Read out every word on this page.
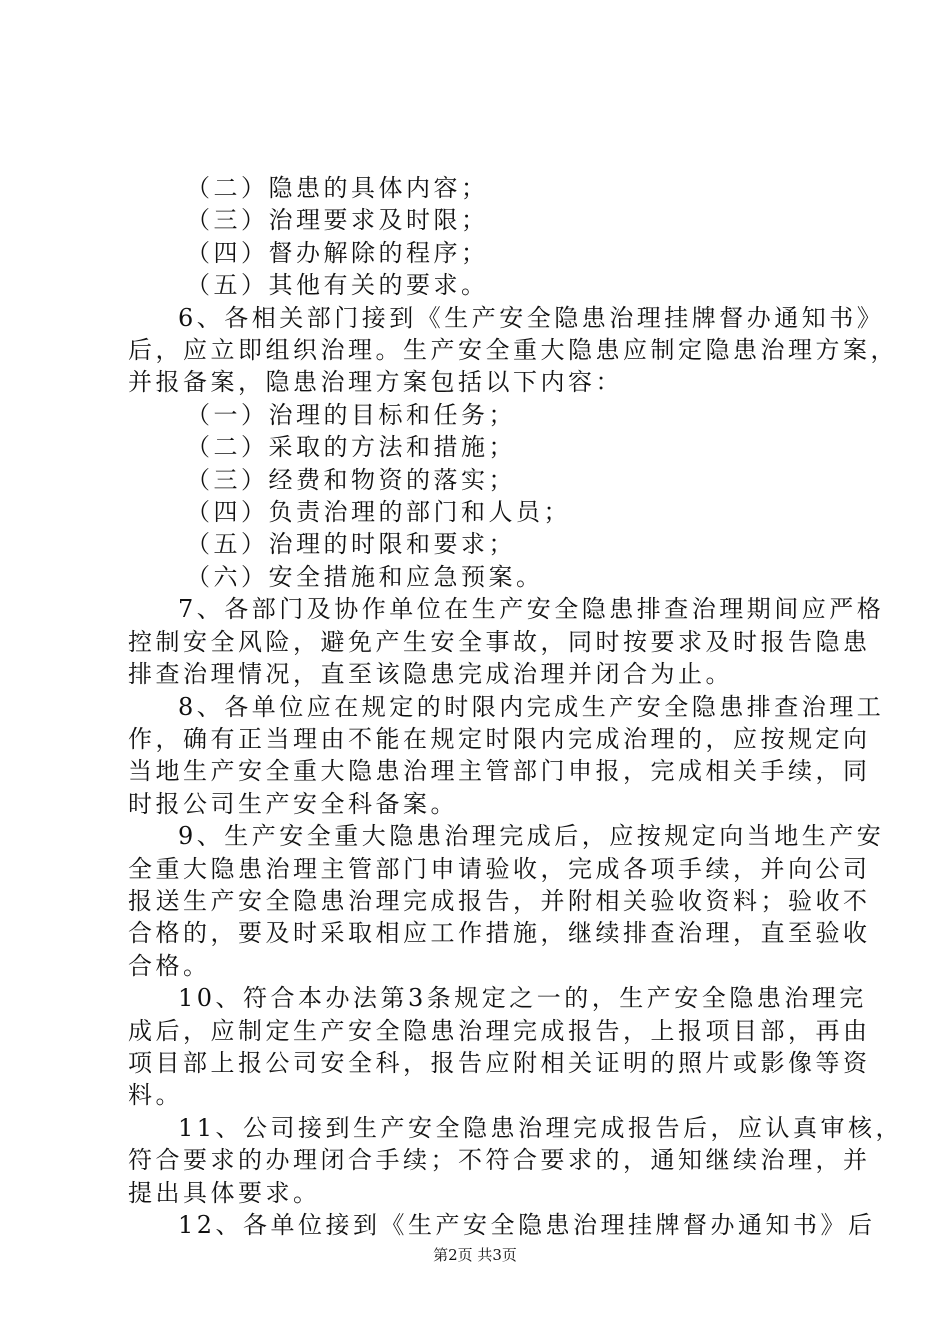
（二）隐患的具体内容；
（三）治理要求及时限；
（四）督办解除的程序；
（五）其他有关的要求。
6、各相关部门接到《生产安全隐患治理挂牌督办通知书》
后，应立即组织治理。生产安全重大隐患应制定隐患治理方案，
并报备案，隐患治理方案包括以下内容：
（一）治理的目标和任务；
（二）采取的方法和措施；
（三）经费和物资的落实；
（四）负责治理的部门和人员；
（五）治理的时限和要求；
（六）安全措施和应急预案。
7、各部门及协作单位在生产安全隐患排查治理期间应严格
控制安全风险，避免产生安全事故，同时按要求及时报告隐患
排查治理情况，直至该隐患完成治理并闭合为止。
8、各单位应在规定的时限内完成生产安全隐患排查治理工
作，确有正当理由不能在规定时限内完成治理的，应按规定向
当地生产安全重大隐患治理主管部门申报，完成相关手续，同
时报公司生产安全科备案。
9、生产安全重大隐患治理完成后，应按规定向当地生产安
全重大隐患治理主管部门申请验收，完成各项手续，并向公司
报送生产安全隐患治理完成报告，并附相关验收资料；验收不
合格的，要及时采取相应工作措施，继续排查治理，直至验收
合格。
10、符合本办法第3条规定之一的，生产安全隐患治理完
成后，应制定生产安全隐患治理完成报告，上报项目部，再由
项目部上报公司安全科，报告应附相关证明的照片或影像等资
料。
11、公司接到生产安全隐患治理完成报告后，应认真审核，
符合要求的办理闭合手续；不符合要求的，通知继续治理，并
提出具体要求。
12、各单位接到《生产安全隐患治理挂牌督办通知书》后
第2页 共3页
